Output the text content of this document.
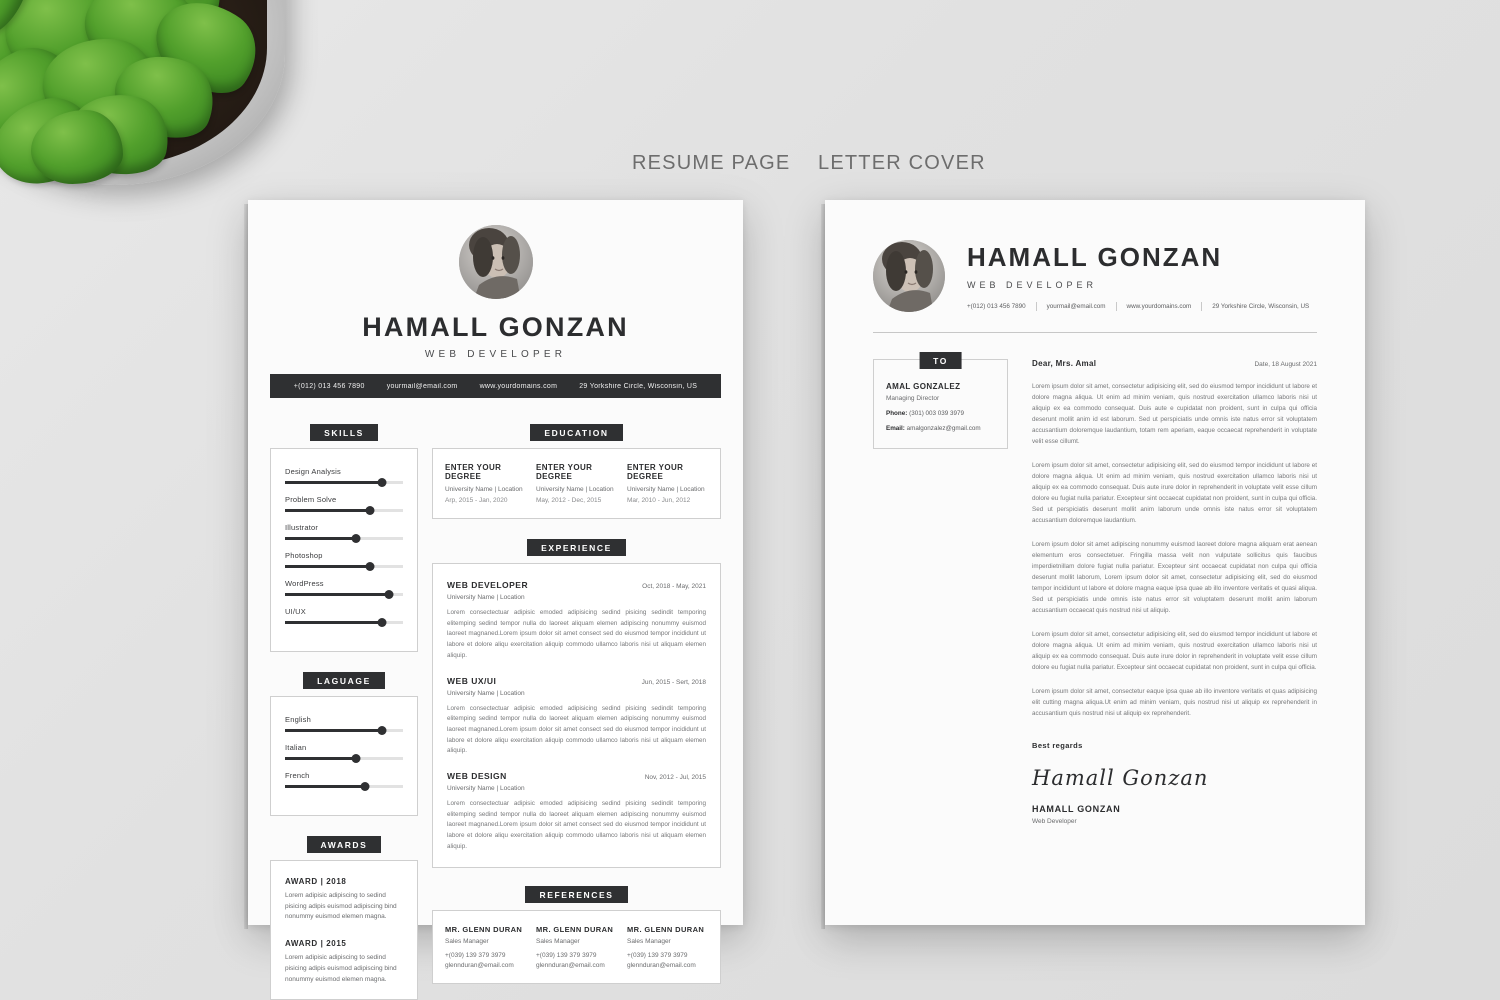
RESUME PAGE LETTER COVER
HAMALL GONZAN
WEB DEVELOPER
+(012) 013 456 7890	yourmail@email.com	www.yourdomains.com	29 Yorkshire Circle, Wisconsin, US
SKILLS
Design Analysis
Problem Solve
Illustrator
Photoshop
WordPress
UI/UX
LAGUAGE
English
Italian
French
AWARDS
AWARD | 2018
Lorem adipisic adipiscing to sedind pisicing adipis euismod adipiscing bind nonummy euismod elemen magna.
AWARD | 2015
Lorem adipisic adipiscing to sedind pisicing adipis euismod adipiscing bind nonummy euismod elemen magna.
EDUCATION
ENTER YOUR DEGREE
University Name | Location
Arp, 2015 - Jan, 2020
ENTER YOUR DEGREE
University Name | Location
May, 2012 - Dec, 2015
ENTER YOUR DEGREE
University Name | Location
Mar, 2010 - Jun, 2012
EXPERIENCE
WEB DEVELOPER	Oct, 2018 - May, 2021
University Name | Location
Lorem consectectuar adipisic emoded adipisicing sedind pisicing sedindit temporing elitemping sedind tempor nulla do laoreet aliquam elemen adipiscing nonummy euismod laoreet magnaned.Lorem ipsum dolor sit amet consect sed do eiusmod tempor incididunt ut labore et dolore aliqu exercitation aliquip commodo ullamco laboris nisi ut aliquam elemen aliquip.
WEB UX/UI	Jun, 2015 - Sert, 2018
University Name | Location
Lorem consectectuar adipisic emoded adipisicing sedind pisicing sedindit temporing elitemping sedind tempor nulla do laoreet aliquam elemen adipiscing nonummy euismod laoreet magnaned.Lorem ipsum dolor sit amet consect sed do eiusmod tempor incididunt ut labore et dolore aliqu exercitation aliquip commodo ullamco laboris nisi ut aliquam elemen aliquip.
WEB DESIGN	Nov, 2012 - Jul, 2015
University Name | Location
Lorem consectectuar adipisic emoded adipisicing sedind pisicing sedindit temporing elitemping sedind tempor nulla do laoreet aliquam elemen adipiscing nonummy euismod laoreet magnaned.Lorem ipsum dolor sit amet consect sed do eiusmod tempor incididunt ut labore et dolore aliqu exercitation aliquip commodo ullamco laboris nisi ut aliquam elemen aliquip.
REFERENCES
MR. GLENN DURAN
Sales Manager
+(039) 139 379 3979
glennduran@email.com
MR. GLENN DURAN
Sales Manager
+(039) 139 379 3979
glennduran@email.com
MR. GLENN DURAN
Sales Manager
+(039) 139 379 3979
glennduran@email.com
HAMALL GONZAN
WEB DEVELOPER
+(012) 013 456 7890	yourmail@email.com	www.yourdomains.com	29 Yorkshire Circle, Wisconsin, US
TO
AMAL GONZALEZ
Managing Director
Phone: (301) 003 039 3979
Email: amalgonzalez@gmail.com
Dear, Mrs. Amal	Date, 18 August 2021
Lorem ipsum dolor sit amet, consectetur adipisicing elit, sed do eiusmod tempor incididunt ut labore et dolore magna aliqua. Ut enim ad minim veniam, quis nostrud exercitation ullamco laboris nisi ut aliquip ex ea commodo consequat. Duis aute e cupidatat non proident, sunt in culpa qui officia deserunt mollit anim id est laborum. Sed ut perspiciatis unde omnis iste natus error sit voluptatem accusantium doloremque laudantium, totam rem aperiam, eaque occaecat reprehenderit in voluptate velit esse cillumt.
Lorem ipsum dolor sit amet, consectetur adipisicing elit, sed do eiusmod tempor incididunt ut labore et dolore magna aliqua. Ut enim ad minim veniam, quis nostrud exercitation ullamco laboris nisi ut aliquip ex ea commodo consequat. Duis aute irure dolor in reprehenderit in voluptate velit esse cillum dolore eu fugiat nulla pariatur. Excepteur sint occaecat cupidatat non proident, sunt in culpa qui officia. Sed ut perspiciatis deserunt mollit anim laborum unde omnis iste natus error sit voluptatem accusantium doloremque laudantium.
Lorem ipsum dolor sit amet adipiscing nonummy euismod laoreet dolore magna aliquam erat aenean elementum eros consectetuer. Fringilla massa velit non vulputate sollicitus quis faucibus imperdietnillam dolore fugiat nulla pariatur. Excepteur sint occaecat cupidatat non culpa qui officia deserunt mollit laborum, Lorem ipsum dolor sit amet, consectetur adipisicing elit, sed do eiusmod tempor incididunt ut labore et dolore magna eaque ipsa quae ab illo inventore veritatis et quasi aliqua. Sed ut perspiciatis unde omnis iste natus error sit voluptatem deserunt mollit anim laborum accusantium occaecat quis nostrud nisi ut aliquip.
Lorem ipsum dolor sit amet, consectetur adipisicing elit, sed do eiusmod tempor incididunt ut labore et dolore magna aliqua. Ut enim ad minim veniam, quis nostrud exercitation ullamco laboris nisi ut aliquip ex ea commodo consequat. Duis aute irure dolor in reprehenderit in voluptate velit esse cillum dolore eu fugiat nulla pariatur. Excepteur sint occaecat cupidatat non proident, sunt in culpa qui officia.
Lorem ipsum dolor sit amet, consectetur eaque ipsa quae ab illo inventore veritatis et quas adipisicing elit cutting magna aliqua.Ut enim ad minim veniam, quis nostrud nisi ut aliquip ex reprehenderit in accusantium quis nostrud nisi ut aliquip ex reprehenderit.
Best regards
Hamall Gonzan
HAMALL GONZAN
Web Developer
